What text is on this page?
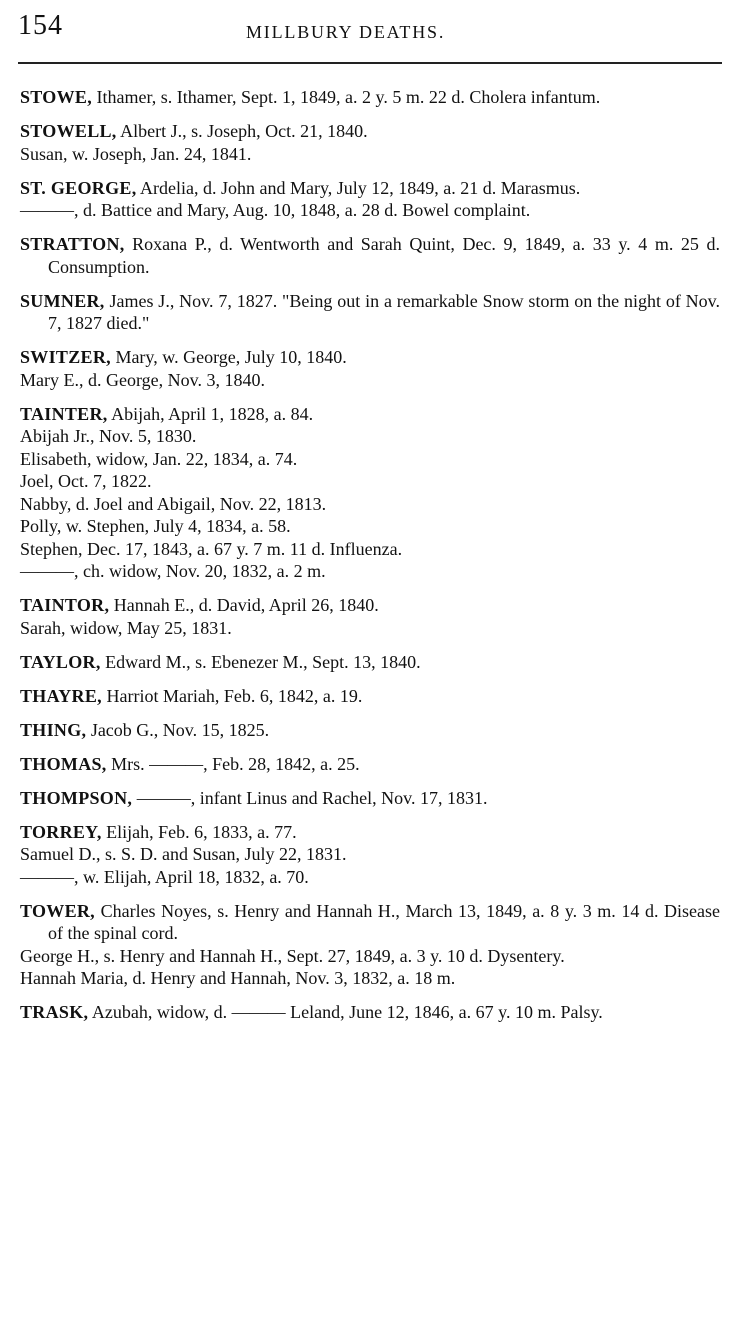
154	MILLBURY DEATHS.

STOWE, Ithamer, s. Ithamer, Sept. 1, 1849, a. 2 y. 5 m. 22 d. Cholera infantum.

STOWELL, Albert J., s. Joseph, Oct. 21, 1840.

Susan, w. Joseph, Jan. 24, 1841.

ST. GEORGE, Ardelia, d. John and Mary, July 12, 1849, a. 21 d. Marasmus.

———, d. Battice and Mary, Aug. 10, 1848, a. 28 d. Bowel complaint.

STRATTON, Roxana P., d. Wentworth and Sarah Quint, Dec. 9, 1849, a. 33 y. 4 m. 25 d. Consumption.

SUMNER, James J., Nov. 7, 1827. "Being out in a remarkable Snow storm on the night of Nov. 7, 1827 died."

SWITZER, Mary, w. George, July 10, 1840.

Mary E., d. George, Nov. 3, 1840.

TAINTER, Abijah, April 1, 1828, a. 84.

Abijah Jr., Nov. 5, 1830.

Elisabeth, widow, Jan. 22, 1834, a. 74.

Joel, Oct. 7, 1822.

Nabby, d. Joel and Abigail, Nov. 22, 1813.

Polly, w. Stephen, July 4, 1834, a. 58.

Stephen, Dec. 17, 1843, a. 67 y. 7 m. 11 d. Influenza.

———, ch. widow, Nov. 20, 1832, a. 2 m.

TAINTOR, Hannah E., d. David, April 26, 1840.

Sarah, widow, May 25, 1831.

TAYLOR, Edward M., s. Ebenezer M., Sept. 13, 1840.

THAYRE, Harriot Mariah, Feb. 6, 1842, a. 19.

THING, Jacob G., Nov. 15, 1825.

THOMAS, Mrs. ———, Feb. 28, 1842, a. 25.

THOMPSON, ———, infant Linus and Rachel, Nov. 17, 1831.

TORREY, Elijah, Feb. 6, 1833, a. 77.

Samuel D., s. S. D. and Susan, July 22, 1831.

———, w. Elijah, April 18, 1832, a. 70.

TOWER, Charles Noyes, s. Henry and Hannah H., March 13, 1849, a. 8 y. 3 m. 14 d. Disease of the spinal cord.

George H., s. Henry and Hannah H., Sept. 27, 1849, a. 3 y. 10 d. Dysentery.

Hannah Maria, d. Henry and Hannah, Nov. 3, 1832, a. 18 m.

TRASK, Azubah, widow, d. ——— Leland, June 12, 1846, a. 67 y. 10 m. Palsy.
